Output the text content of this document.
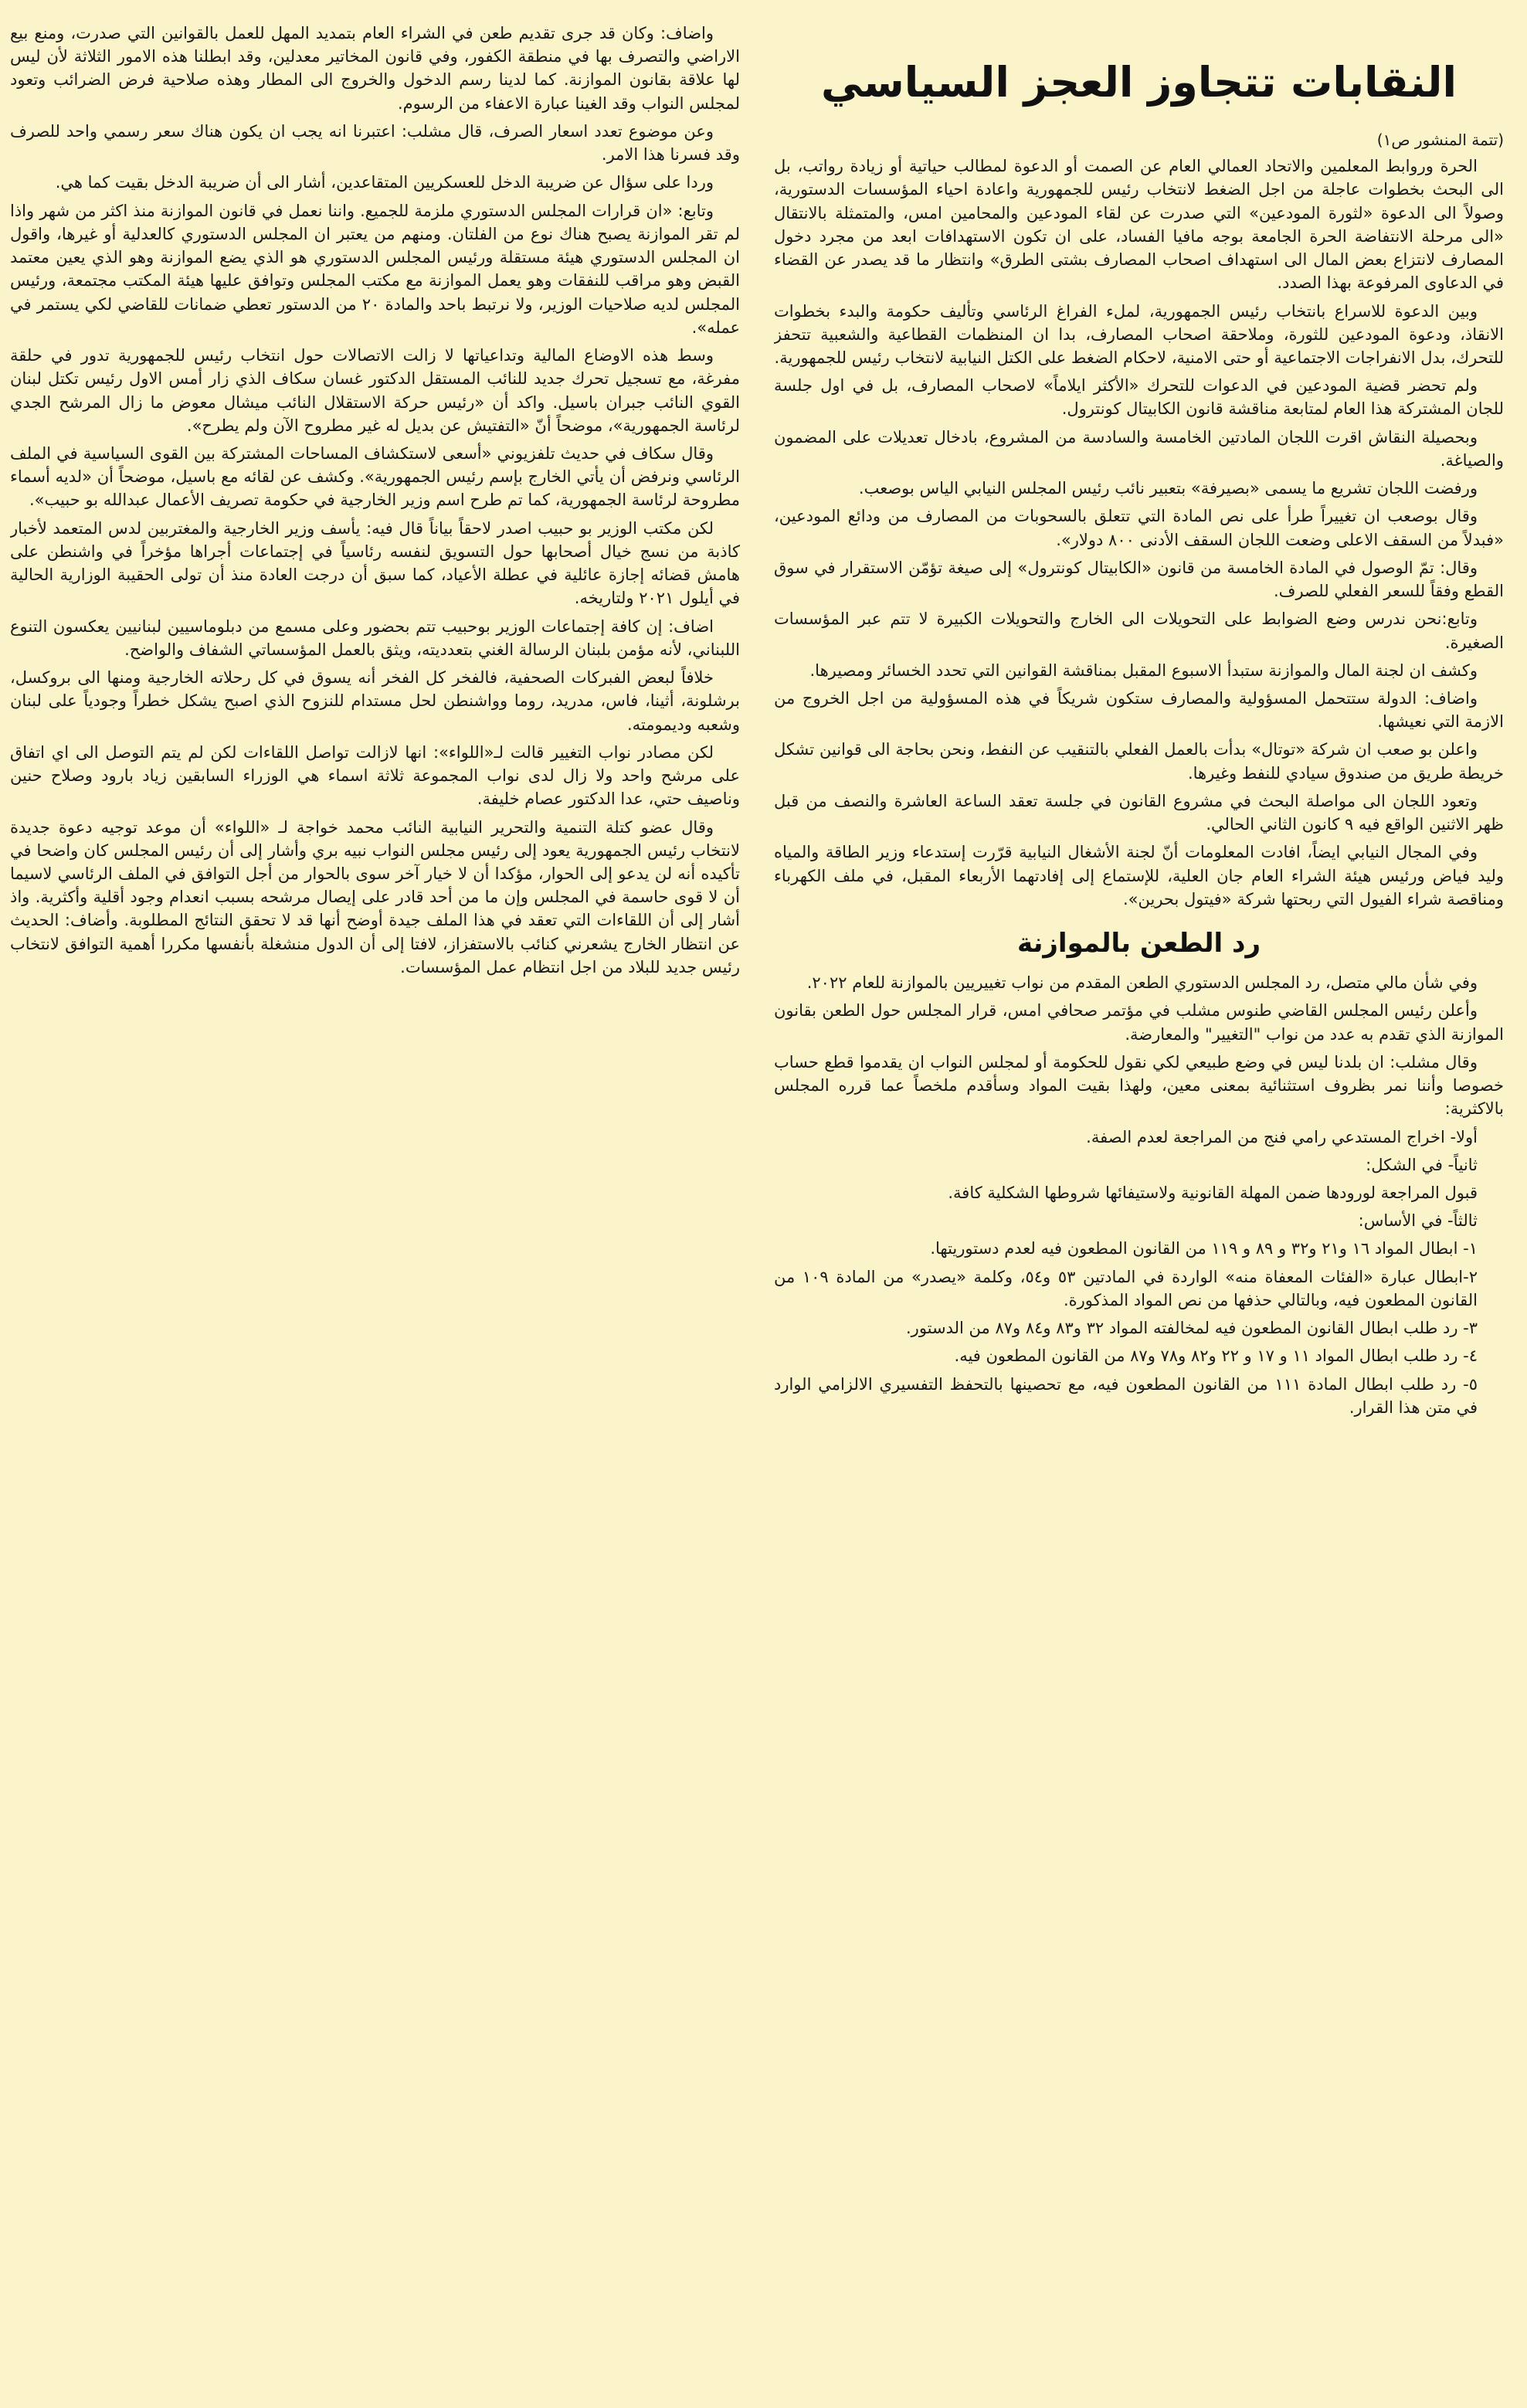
النقابات تتجاوز العجز السياسي
(تتمة المنشور ص١)

الحرة وروابط المعلمين والاتحاد العمالي العام عن الصمت أو الدعوة لمطالب حياتية أو زيادة رواتب، بل الى البحث بخطوات عاجلة من اجل الضغط لانتخاب رئيس للجمهورية واعادة احياء المؤسسات الدستورية، وصولاً الى الدعوة «لثورة المودعين» التي صدرت عن لقاء المودعين والمحامين امس، والمتمثلة بالانتقال «الى مرحلة الانتفاضة الحرة الجامعة بوجه مافيا الفساد، على ان تكون الاستهدافات ابعد من مجرد دخول المصارف لانتزاع بعض المال الى استهداف اصحاب المصارف بشتى الطرق» وانتظار ما قد يصدر عن القضاء في الدعاوى المرفوعة بهذا الصدد.

وبين الدعوة للاسراع بانتخاب رئيس الجمهورية، لملء الفراغ الرئاسي وتأليف حكومة والبدء بخطوات الانقاذ، ودعوة المودعين للثورة، وملاحقة اصحاب المصارف، بدا ان المنظمات القطاعية والشعبية تتحفز للتحرك، بدل الانفراجات الاجتماعية أو حتى الامنية، لاحكام الضغط على الكتل النيابية لانتخاب رئيس للجمهورية.

ولم تحضر قضية المودعين في الدعوات للتحرك «الأكثر ايلاماً» لاصحاب المصارف، بل في اول جلسة للجان المشتركة هذا العام لمتابعة مناقشة قانون الكابيتال كونترول.

وبحصيلة النقاش اقرت اللجان المادتين الخامسة والسادسة من المشروع، بادخال تعديلات على المضمون والصياغة.

ورفضت اللجان تشريع ما يسمى «بصيرفة» بتعبير نائب رئيس المجلس النيابي الياس بوصعب.

وقال بوصعب ان تغييراً طرأ على نص المادة التي تتعلق بالسحوبات من المصارف من ودائع المودعين، «فبدلاً من السقف الاعلى وضعت اللجان السقف الأدنى ٨٠٠ دولار».

وقال: تمّ الوصول في المادة الخامسة من قانون «الكابيتال كونترول» إلى صيغة تؤمّن الاستقرار في سوق القطع وفقاً للسعر الفعلي للصرف.

وتابع:نحن ندرس وضع الضوابط على التحويلات الى الخارج والتحويلات الكبيرة لا تتم عبر المؤسسات الصغيرة.

وكشف ان لجنة المال والموازنة ستبدأ الاسبوع المقبل بمناقشة القوانين التي تحدد الخسائر ومصيرها.

واضاف: الدولة ستتحمل المسؤولية والمصارف ستكون شريكاً في هذه المسؤولية من اجل الخروج من الازمة التي نعيشها.

واعلن بو صعب ان شركة «توتال» بدأت بالعمل الفعلي بالتنقيب عن النفط، ونحن بحاجة الى قوانين تشكل خريطة طريق من صندوق سيادي للنفط وغيرها.

وتعود اللجان الى مواصلة البحث في مشروع القانون في جلسة تعقد الساعة العاشرة والنصف من قبل ظهر الاثنين الواقع فيه ٩ كانون الثاني الحالي.

وفي المجال النيابي ايضاً، افادت المعلومات أنّ لجنة الأشغال النيابية قرّرت إستدعاء وزير الطاقة والمياه وليد فياض ورئيس هيئة الشراء العام جان العلية، للإستماع إلى إفادتهما الأربعاء المقبل، في ملف الكهرباء ومناقصة شراء الفيول التي ربحتها شركة «فيتول بحرين».

رد الطعن بالموازنة

وفي شأن مالي متصل، رد المجلس الدستوري الطعن المقدم من نواب تغييريين بالموازنة للعام ٢٠٢٢.

وأعلن رئيس المجلس القاضي طنوس مشلب في مؤتمر صحافي امس، قرار المجلس حول الطعن بقانون الموازنة الذي تقدم به عدد من نواب "التغيير" والمعارضة.

وقال مشلب: ان بلدنا ليس في وضع طبيعي لكي نقول للحكومة أو لمجلس النواب ان يقدموا قطع حساب خصوصا وأننا نمر بظروف استثنائية بمعنى معين، ولهذا بقيت المواد وسأقدم ملخصاً عما قرره المجلس بالاكثرية:

أولا- اخراج المستدعي رامي فنج من المراجعة لعدم الصفة.

ثانياً- في الشكل:

قبول المراجعة لورودها ضمن المهلة القانونية ولاستيفائها شروطها الشكلية كافة.

ثالثاً- في الأساس:

١- ابطال المواد ١٦ و٢١ و٣٢ و ٨٩ و ١١٩ من القانون المطعون فيه لعدم دستوريتها.

٢-ابطال عبارة «الفئات المعفاة منه» الواردة في المادتين ٥٣ و٥٤، وكلمة «يصدر» من المادة ١٠٩ من القانون المطعون فيه، وبالتالي حذفها من نص المواد المذكورة.

٣- رد طلب ابطال القانون المطعون فيه لمخالفته المواد ٣٢ و٨٣ و٨٤ و٨٧ من الدستور.

٤- رد طلب ابطال المواد ١١ و ١٧ و ٢٢ و٨٢ و٧٨ و٨٧ من القانون المطعون فيه.

٥- رد طلب ابطال المادة ١١١ من القانون المطعون فيه، مع تحصينها بالتحفظ التفسيري الالزامي الوارد في متن هذا القرار.

واضاف: وكان قد جرى تقديم طعن في الشراء العام بتمديد المهل للعمل بالقوانين التي صدرت، ومنع بيع الاراضي والتصرف بها في منطقة الكفور، وفي قانون المخاتير معدلين، وقد ابطلنا هذه الامور الثلاثة لأن ليس لها علاقة بقانون الموازنة. كما لدينا رسم الدخول والخروج الى المطار وهذه صلاحية فرض الضرائب وتعود لمجلس النواب وقد الغينا عبارة الاعفاء من الرسوم.

وعن موضوع تعدد اسعار الصرف، قال مشلب: اعتبرنا انه يجب ان يكون هناك سعر رسمي واحد للصرف وقد فسرنا هذا الامر.

وردا على سؤال عن ضريبة الدخل للعسكريين المتقاعدين، أشار الى أن ضريبة الدخل بقيت كما هي.

وتابع: «ان قرارات المجلس الدستوري ملزمة للجميع. واننا نعمل في قانون الموازنة منذ اكثر من شهر واذا لم تقر الموازنة يصبح هناك نوع من الفلتان. ومنهم من يعتبر ان المجلس الدستوري كالعدلية أو غيرها، واقول ان المجلس الدستوري هيئة مستقلة ورئيس المجلس الدستوري هو الذي يضع الموازنة وهو الذي يعين معتمد القبض وهو مراقب للنفقات وهو يعمل الموازنة مع مكتب المجلس وتوافق عليها هيئة المكتب مجتمعة، ورئيس المجلس لديه صلاحيات الوزير، ولا نرتبط باحد والمادة ٢٠ من الدستور تعطي ضمانات للقاضي لكي يستمر في عمله».

وسط هذه الاوضاع المالية وتداعياتها لا زالت الاتصالات حول انتخاب رئيس للجمهورية تدور في حلقة مفرغة، مع تسجيل تحرك جديد للنائب المستقل الدكتور غسان سكاف الذي زار أمس الاول رئيس تكتل لبنان القوي النائب جبران باسيل. واكد أن «رئيس حركة الاستقلال النائب ميشال معوض ما زال المرشح الجدي لرئاسة الجمهورية»، موضحاً أنّ «التفتيش عن بديل له غير مطروح الآن ولم يطرح».

وقال سكاف في حديث تلفزيوني «أسعى لاستكشاف المساحات المشتركة بين القوى السياسية في الملف الرئاسي ونرفض أن يأتي الخارج بإسم رئيس الجمهورية». وكشف عن لقائه مع باسيل، موضحاً أن «لديه أسماء مطروحة لرئاسة الجمهورية، كما تم طرح اسم وزير الخارجية في حكومة تصريف الأعمال عبدالله بو حبيب».

لكن مكتب الوزير بو حبيب اصدر لاحقاً بياناً قال فيه: يأسف وزير الخارجية والمغتربين لدس المتعمد لأخبار كاذبة من نسج خيال أصحابها حول التسويق لنفسه رئاسياً في إجتماعات أجراها مؤخراً في واشنطن على هامش قضائه إجازة عائلية في عطلة الأعياد، كما سبق أن درجت العادة منذ أن تولى الحقيبة الوزارية الحالية في أيلول ٢٠٢١ ولتاريخه.

اضاف: إن كافة إجتماعات الوزير بوحبيب تتم بحضور وعلى مسمع من دبلوماسيين لبنانيين يعكسون التنوع اللبناني، لأنه مؤمن بلبنان الرسالة الغني بتعدديته، ويثق بالعمل المؤسساتي الشفاف والواضح.

خلافاً لبعض الفبركات الصحفية، فالفخر كل الفخر أنه يسوق في كل رحلاته الخارجية ومنها الى بروكسل، برشلونة، أثينا، فاس، مدريد، روما وواشنطن لحل مستدام للنزوح الذي اصبح يشكل خطراً وجودياً على لبنان وشعبه وديمومته.

لكن مصادر نواب التغيير قالت لـ«اللواء»: انها لازالت تواصل اللقاءات لكن لم يتم التوصل الى اي اتفاق على مرشح واحد ولا زال لدى نواب المجموعة ثلاثة اسماء هي الوزراء السابقين زياد بارود وصلاح حنين وناصيف حتي، عدا الدكتور عصام خليفة.

وقال عضو كتلة التنمية والتحرير النيابية النائب محمد خواجة لـ «اللواء» أن موعد توجيه دعوة جديدة لانتخاب رئيس الجمهورية يعود إلى رئيس مجلس النواب نبيه بري وأشار إلى أن رئيس المجلس كان واضحا في تأكيده أنه لن يدعو إلى الحوار، مؤكدا أن لا خيار آخر سوى بالحوار من أجل التوافق في الملف الرئاسي لاسيما أن لا قوى حاسمة في المجلس وإن ما من أحد قادر على إيصال مرشحه بسبب انعدام وجود أقلية وأكثرية. واذ أشار إلى أن اللقاءات التي تعقد في هذا الملف جيدة أوضح أنها قد لا تحقق النتائج المطلوبة. وأضاف: الحديث عن انتظار الخارج يشعرني كنائب بالاستفزاز، لافتا إلى أن الدول منشغلة بأنفسها مكررا أهمية التوافق لانتخاب رئيس جديد للبلاد من اجل انتظام عمل المؤسسات.
